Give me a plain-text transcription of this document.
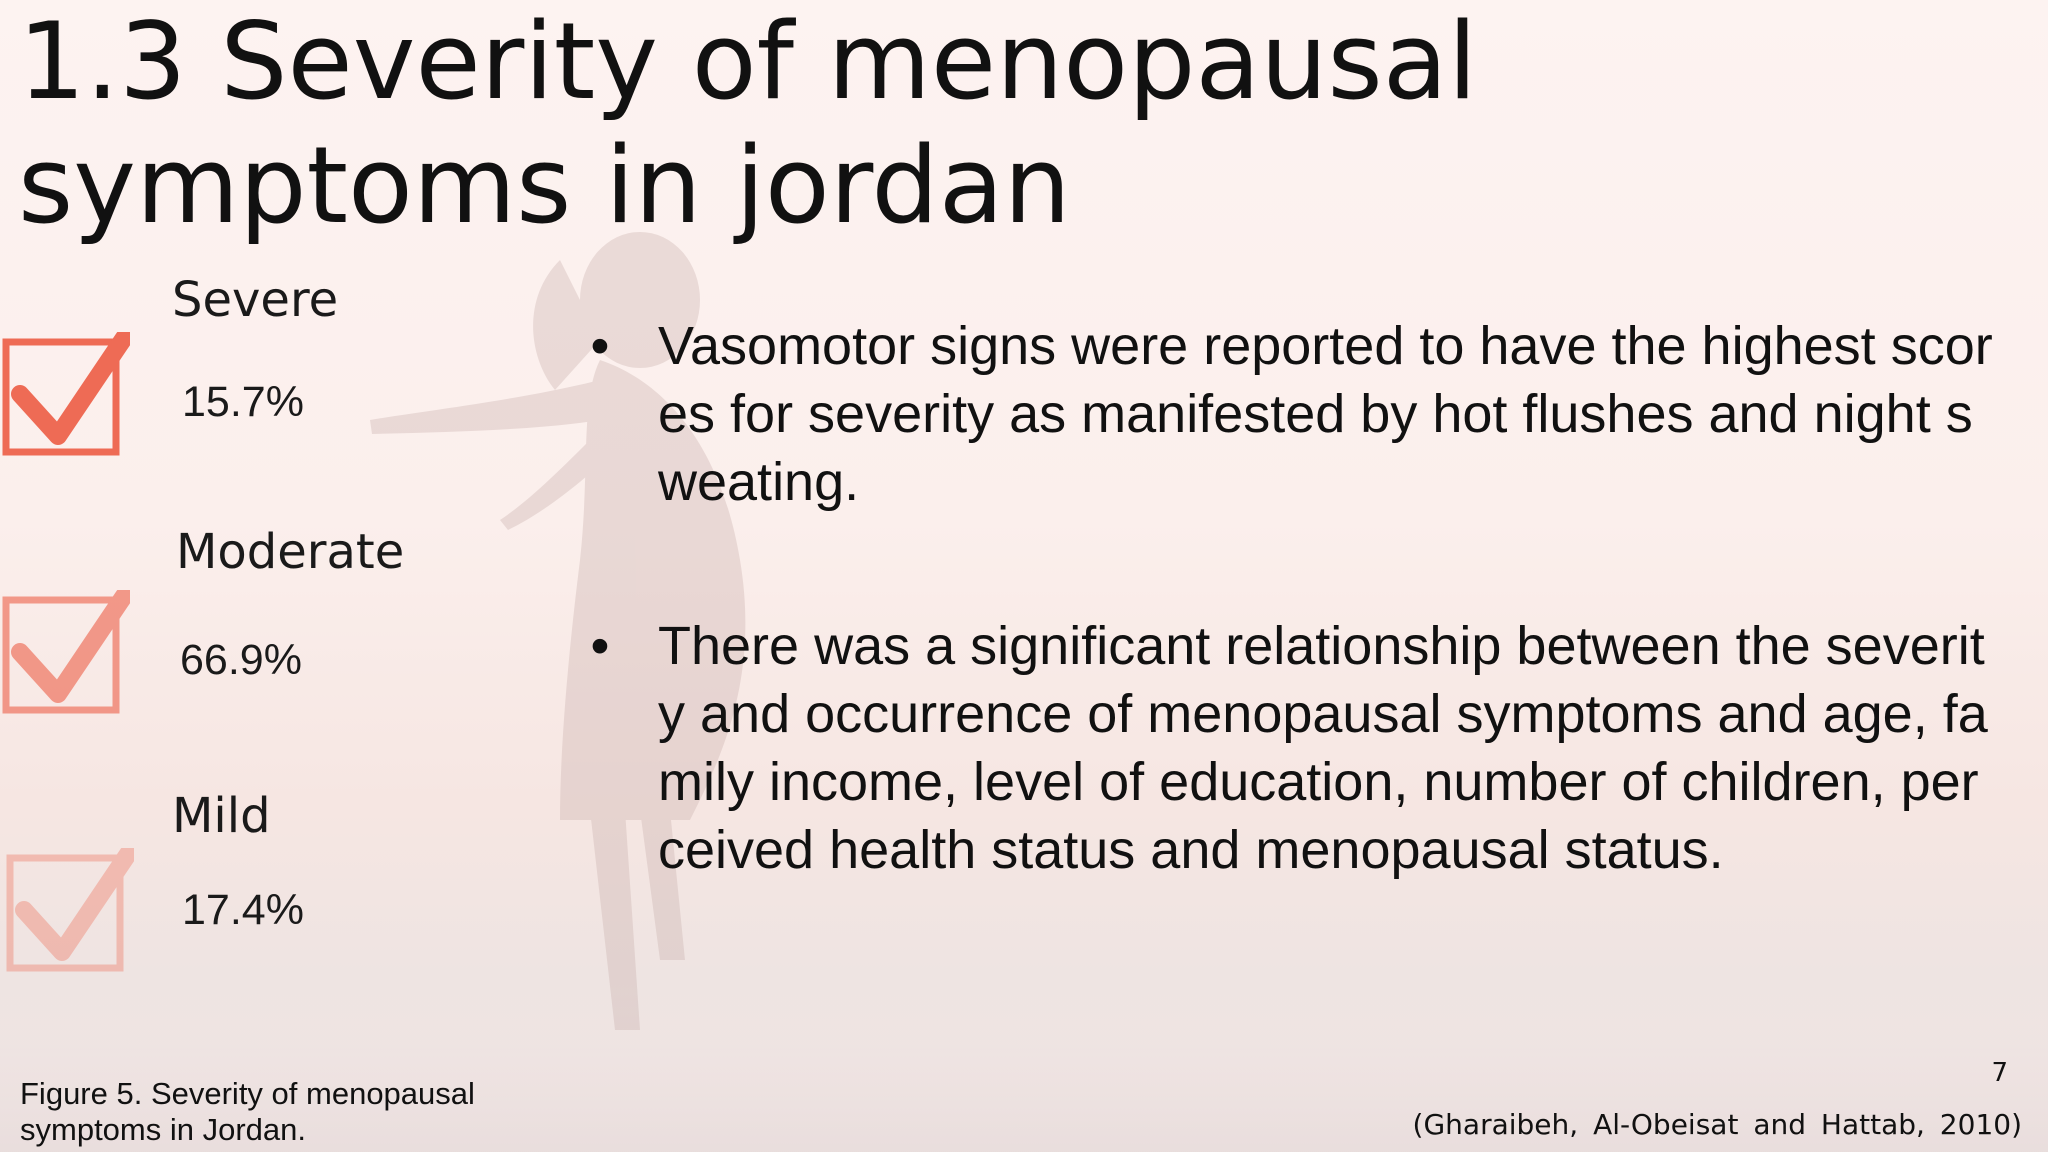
1.3 Severity of menopausal symptoms in jordan
Severe
15.7%
Moderate
66.9%
Mild
17.4%
• Vasomotor signs were reported to have the highest scores for severity as manifested by hot flushes and night sweating.
• There was a significant relationship between the severity and occurrence of menopausal symptoms and age, family income, level of education, number of children, perceived health status and menopausal status.
Figure 5. Severity of menopausal symptoms in Jordan.
7
(Gharaibeh, Al-Obeisat and Hattab, 2010)
